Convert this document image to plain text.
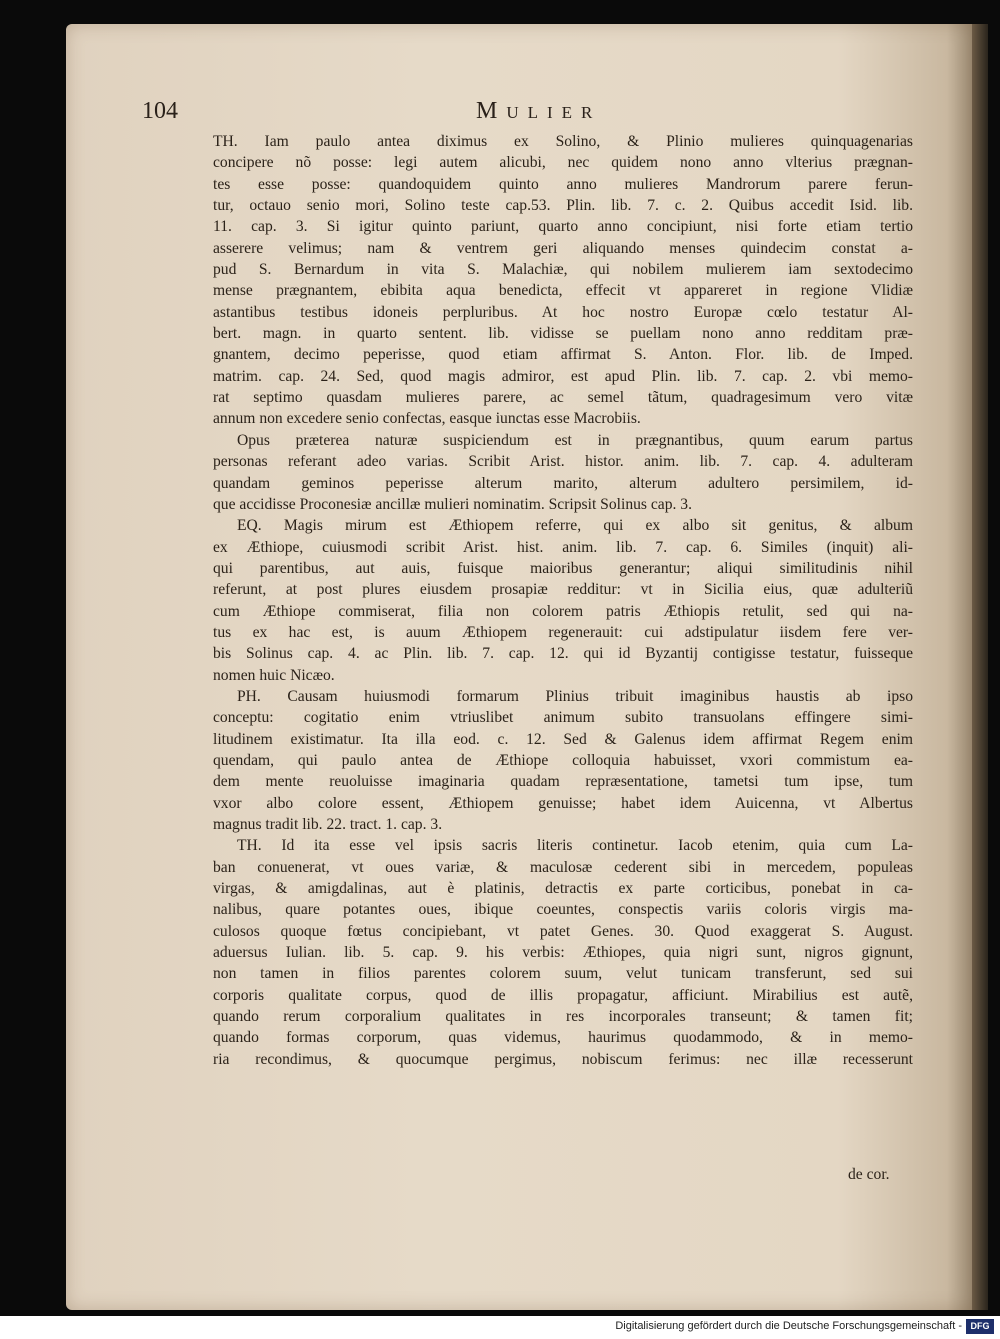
104	Mulier
TH. Iam paulo antea diximus ex Solino, & Plinio mulieres quinquagenarias
concipere nõ posse: legi autem alicubi, nec quidem nono anno vlterius prægnan-
tes esse posse: quandoquidem quinto anno mulieres Mandrorum parere ferun-
tur, octauo senio mori, Solino teste cap.53. Plin. lib. 7. c. 2. Quibus accedit Isid. lib.
11. cap. 3. Si igitur quinto pariunt, quarto anno concipiunt, nisi forte etiam tertio
asserere velimus; nam & ventrem geri aliquando menses quindecim constat a-
pud S. Bernardum in vita S. Malachiæ, qui nobilem mulierem iam sextodecimo
mense prægnantem, ebibita aqua benedicta, effecit vt appareret in regione Vlidiæ
astantibus testibus idoneis perpluribus. At hoc nostro Europæ cœlo testatur Al-
bert. magn. in quarto sentent. lib. vidisse se puellam nono anno redditam præ-
gnantem, decimo peperisse, quod etiam affirmat S. Anton. Flor. lib. de Imped.
matrim. cap. 24. Sed, quod magis admiror, est apud Plin. lib. 7. cap. 2. vbi memo-
rat septimo quasdam mulieres parere, ac semel tãtum, quadragesimum vero vitæ
annum non excedere senio confectas, easque iunctas esse Macrobiis.
Opus præterea naturæ suspiciendum est in prægnantibus, quum earum partus
personas referant adeo varias. Scribit Arist. histor. anim. lib. 7. cap. 4. adulteram
quandam geminos peperisse alterum marito, alterum adultero persimilem, id-
que accidisse Proconesiæ ancillæ mulieri nominatim. Scripsit Solinus cap. 3.
EQ. Magis mirum est Æthiopem referre, qui ex albo sit genitus, & album
ex Æthiope, cuiusmodi scribit Arist. hist. anim. lib. 7. cap. 6. Similes (inquit) ali-
qui parentibus, aut auis, fuisque maioribus generantur; aliqui similitudinis nihil
referunt, at post plures eiusdem prosapiæ redditur: vt in Sicilia eius, quæ adulteriũ
cum Æthiope commiserat, filia non colorem patris Æthiopis retulit, sed qui na-
tus ex hac est, is auum Æthiopem regenerauit: cui adstipulatur iisdem fere ver-
bis Solinus cap. 4. ac Plin. lib. 7. cap. 12. qui id Byzantij contigisse testatur, fuisseque
nomen huic Nicæo.
PH. Causam huiusmodi formarum Plinius tribuit imaginibus haustis ab ipso
conceptu: cogitatio enim vtriuslibet animum subito transuolans effingere simi-
litudinem existimatur. Ita illa eod. c. 12. Sed & Galenus idem affirmat Regem enim
quendam, qui paulo antea de Æthiope colloquia habuisset, vxori commistum ea-
dem mente reuoluisse imaginaria quadam repræsentatione, tametsi tum ipse, tum
vxor albo colore essent, Æthiopem genuisse; habet idem Auicenna, vt Albertus
magnus tradit lib. 22. tract. 1. cap. 3.
TH. Id ita esse vel ipsis sacris literis continetur. Iacob etenim, quia cum La-
ban conuenerat, vt oues variæ, & maculosæ cederent sibi in mercedem, populeas
virgas, & amigdalinas, aut è platinis, detractis ex parte corticibus, ponebat in ca-
nalibus, quare potantes oues, ibique coeuntes, conspectis variis coloris virgis ma-
culosos quoque fœtus concipiebant, vt patet Genes. 30. Quod exaggerat S. August.
aduersus Iulian. lib. 5. cap. 9. his verbis: Æthiopes, quia nigri sunt, nigros gignunt,
non tamen in filios parentes colorem suum, velut tunicam transferunt, sed sui
corporis qualitate corpus, quod de illis propagatur, afficiunt. Mirabilius est autẽ,
quando rerum corporalium qualitates in res incorporales transeunt; & tamen fit;
quando formas corporum, quas videmus, haurimus quodammodo, & in memo-
ria recondimus, & quocumque pergimus, nobiscum ferimus: nec illæ recesserunt
de cor.
Digitalisierung gefördert durch die Deutsche Forschungsgemeinschaft - DFG
